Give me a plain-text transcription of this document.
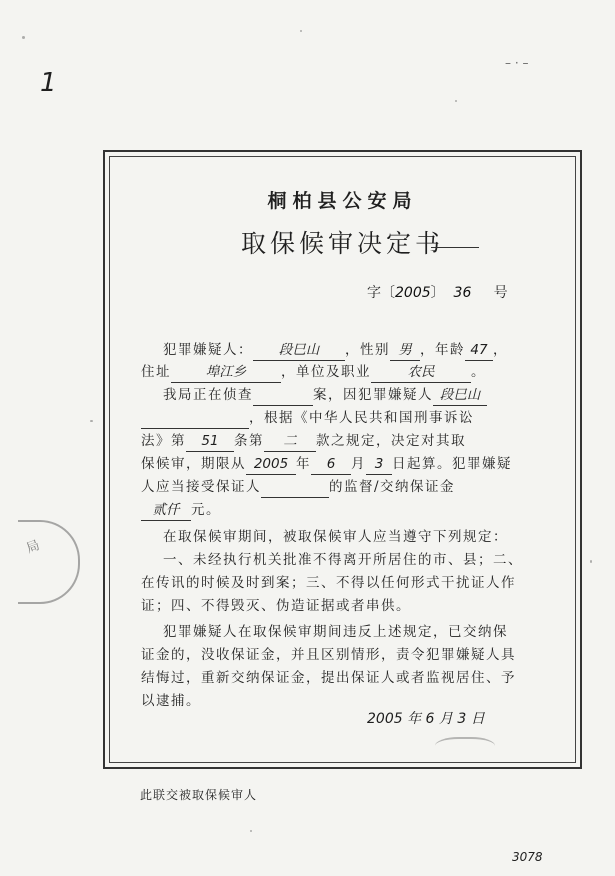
1
– · –
局
桐柏县公安局
取保候审决定书
字〔2005〕 36 号
犯罪嫌疑人： 段巳山 ，性别 男 ，年龄 47 ，
住址	埠江乡	，单位及职业	农民	。
我局正在侦查	案，因犯罪嫌疑人 段巳山
，根据《中华人民共和国刑事诉讼
法》第 51 条第 二 款之规定，决定对其取
保候审，期限从 2005 年 6 月 3 日起算。犯罪嫌疑
人应当接受保证人	的监督/交纳保证金
贰仟 元。
在取保候审期间，被取保候审人应当遵守下列规定：
一、未经执行机关批准不得离开所居住的市、县；二、
在传讯的时候及时到案；三、不得以任何形式干扰证人作
证；四、不得毁灭、伪造证据或者串供。
犯罪嫌疑人在取保候审期间违反上述规定，已交纳保
证金的，没收保证金，并且区别情形，责令犯罪嫌疑人具
结悔过，重新交纳保证金，提出保证人或者监视居住、予
以逮捕。
2005 年 6 月 3 日
此联交被取保候审人
3078
